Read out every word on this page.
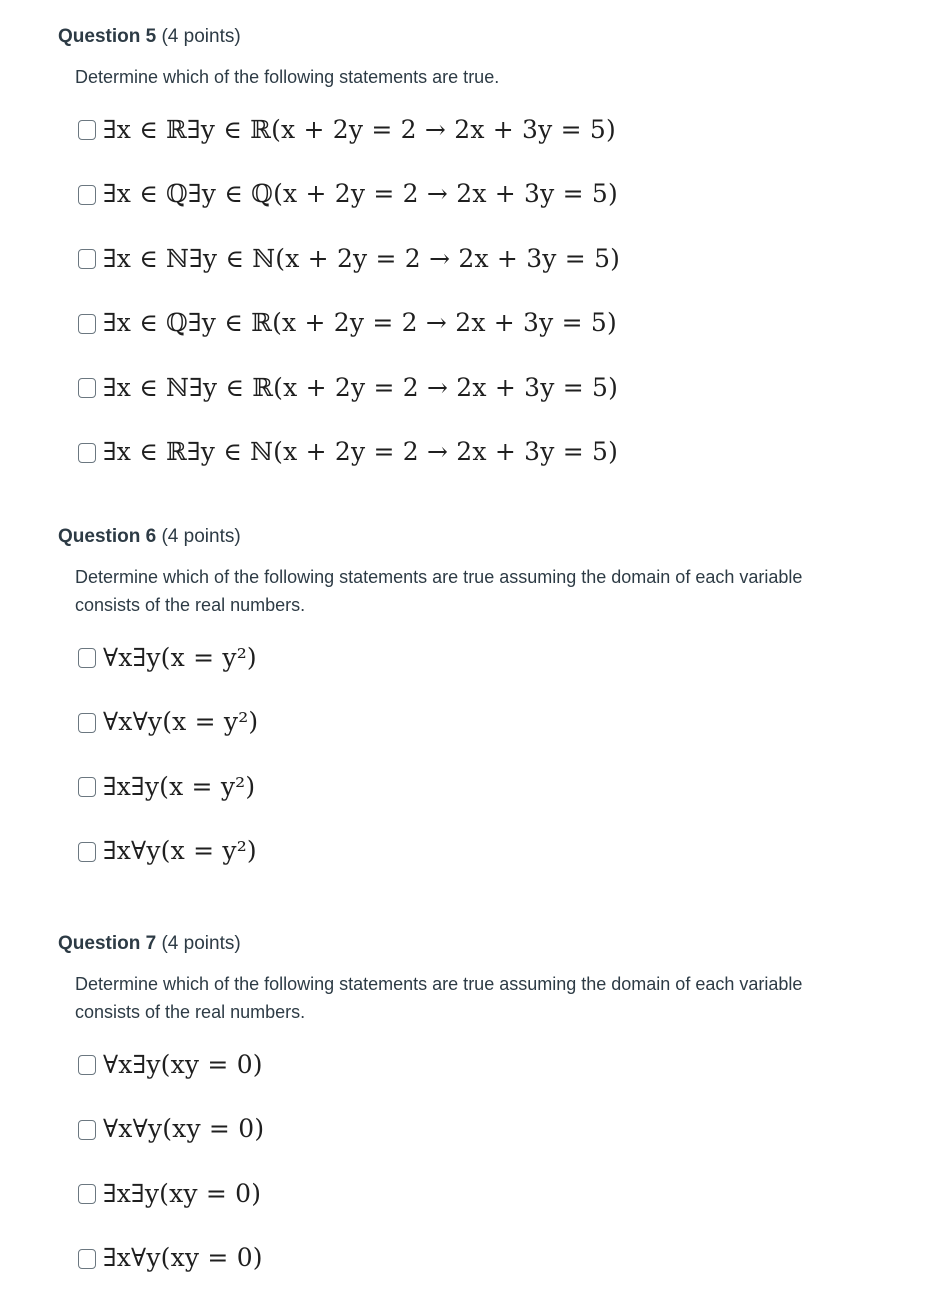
Question 5 (4 points)
Determine which of the following statements are true.
∃x ∈ ℝ∃y ∈ ℝ(x + 2y = 2 → 2x + 3y = 5)
∃x ∈ ℚ∃y ∈ ℚ(x + 2y = 2 → 2x + 3y = 5)
∃x ∈ ℕ∃y ∈ ℕ(x + 2y = 2 → 2x + 3y = 5)
∃x ∈ ℚ∃y ∈ ℝ(x + 2y = 2 → 2x + 3y = 5)
∃x ∈ ℕ∃y ∈ ℝ(x + 2y = 2 → 2x + 3y = 5)
∃x ∈ ℝ∃y ∈ ℕ(x + 2y = 2 → 2x + 3y = 5)
Question 6 (4 points)
Determine which of the following statements are true assuming the domain of each variable consists of the real numbers.
∀x∃y(x = y²)
∀x∀y(x = y²)
∃x∃y(x = y²)
∃x∀y(x = y²)
Question 7 (4 points)
Determine which of the following statements are true assuming the domain of each variable consists of the real numbers.
∀x∃y(xy = 0)
∀x∀y(xy = 0)
∃x∃y(xy = 0)
∃x∀y(xy = 0)
